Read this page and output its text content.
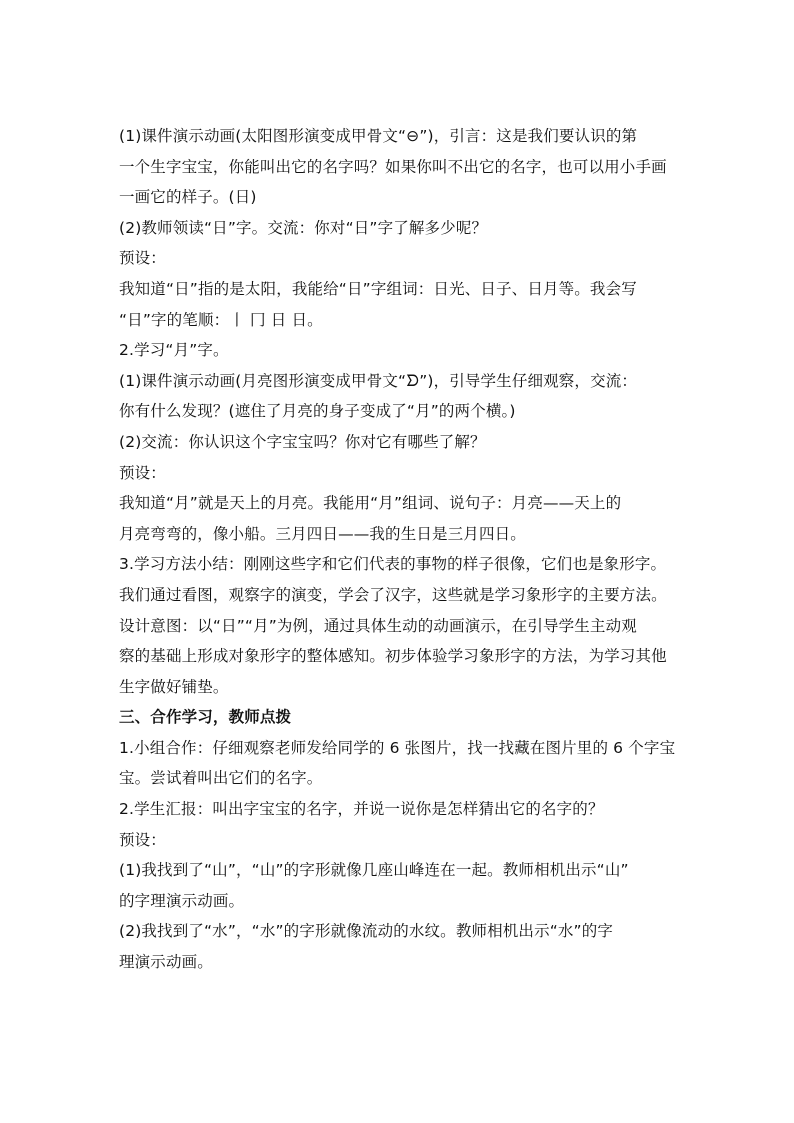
(1)课件演示动画(太阳图形演变成甲骨文“⊖”)，引言：这是我们要认识的第
一个生字宝宝，你能叫出它的名字吗？如果你叫不出它的名字，也可以用小手画
一画它的样子。(日)
(2)教师领读“日”字。交流：你对“日”字了解多少呢？
预设：
我知道“日”指的是太阳，我能给“日”字组词：日光、日子、日月等。我会写
“日”字的笔顺：丨 冂 日 日。
2.学习“月”字。
(1)课件演示动画(月亮图形演变成甲骨文“ᗤ”)，引导学生仔细观察，交流：
你有什么发现？(遮住了月亮的身子变成了“月”的两个横。)
(2)交流：你认识这个字宝宝吗？你对它有哪些了解？
预设：
我知道“月”就是天上的月亮。我能用“月”组词、说句子：月亮——天上的
月亮弯弯的，像小船。三月四日——我的生日是三月四日。
3.学习方法小结：刚刚这些字和它们代表的事物的样子很像，它们也是象形字。
我们通过看图，观察字的演变，学会了汉字，这些就是学习象形字的主要方法。
设计意图：以“日”“月”为例，通过具体生动的动画演示，在引导学生主动观
察的基础上形成对象形字的整体感知。初步体验学习象形字的方法，为学习其他
生字做好铺垫。
三、合作学习，教师点拨
1.小组合作：仔细观察老师发给同学的 6 张图片，找一找藏在图片里的 6 个字宝
宝。尝试着叫出它们的名字。
2.学生汇报：叫出字宝宝的名字，并说一说你是怎样猜出它的名字的？
预设：
(1)我找到了“山”，“山”的字形就像几座山峰连在一起。教师相机出示“山”
的字理演示动画。
(2)我找到了“水”，“水”的字形就像流动的水纹。教师相机出示“水”的字
理演示动画。
